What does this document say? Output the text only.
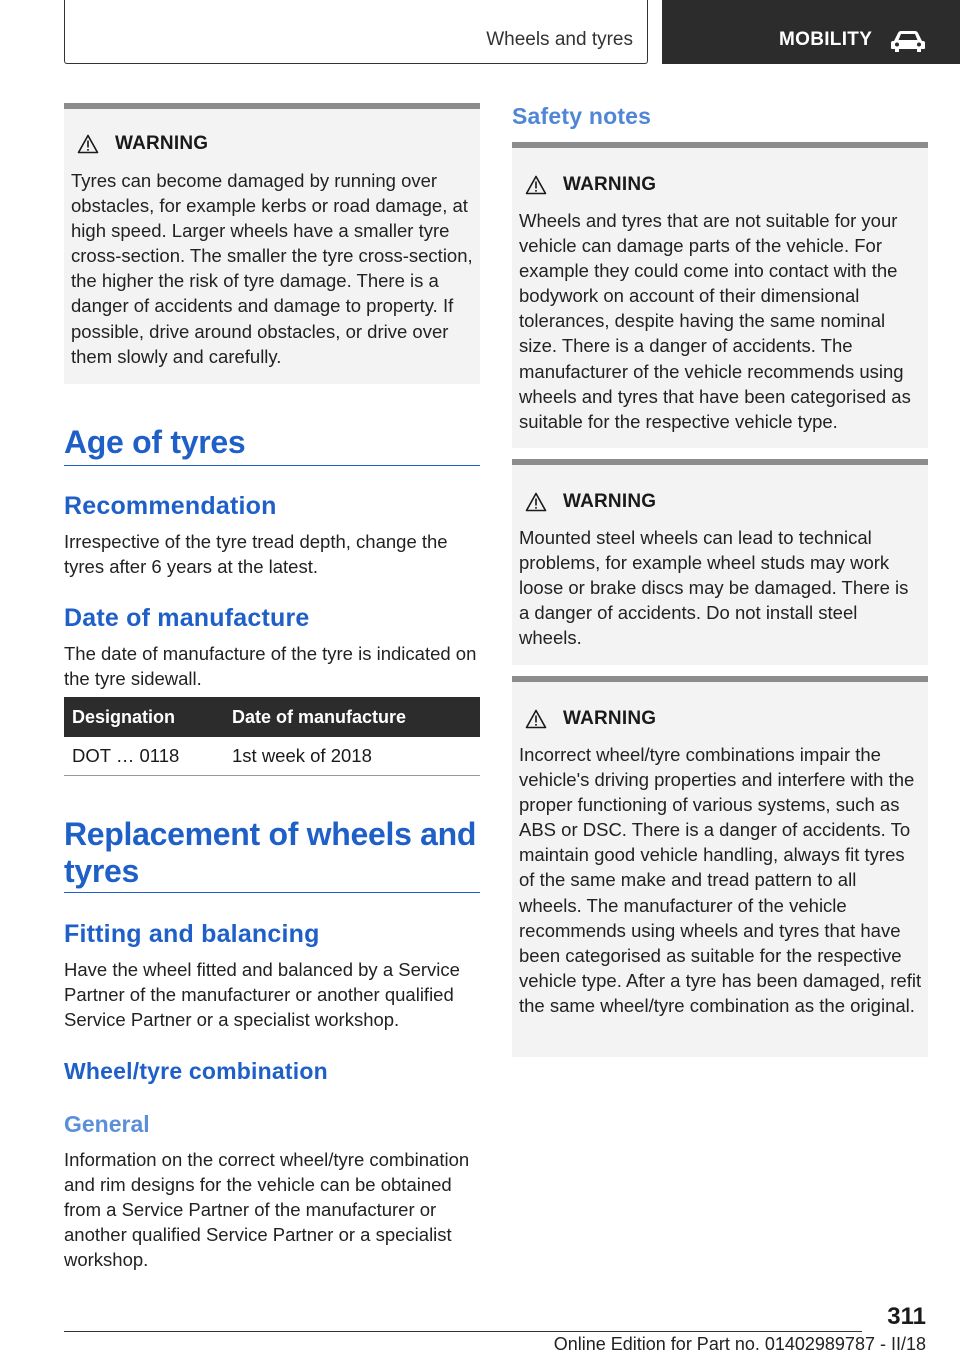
Wheels and tyres	MOBILITY
WARNING
Tyres can become damaged by running over obstacles, for example kerbs or road damage, at high speed. Larger wheels have a smaller tyre cross-section. The smaller the tyre cross-section, the higher the risk of tyre damage. There is a danger of accidents and damage to property. If possible, drive around obstacles, or drive over them slowly and carefully.
Age of tyres
Recommendation
Irrespective of the tyre tread depth, change the tyres after 6 years at the latest.
Date of manufacture
The date of manufacture of the tyre is indicated on the tyre sidewall.
Designation	Date of manufacture
DOT … 0118	1st week of 2018
Replacement of wheels and tyres
Fitting and balancing
Have the wheel fitted and balanced by a Service Partner of the manufacturer or another qualified Service Partner or a specialist workshop.
Wheel/tyre combination
General
Information on the correct wheel/tyre combination and rim designs for the vehicle can be obtained from a Service Partner of the manufacturer or another qualified Service Partner or a specialist workshop.
Safety notes
WARNING
Wheels and tyres that are not suitable for your vehicle can damage parts of the vehicle. For example they could come into contact with the bodywork on account of their dimensional tolerances, despite having the same nominal size. There is a danger of accidents. The manufacturer of the vehicle recommends using wheels and tyres that have been categorised as suitable for the respective vehicle type.
WARNING
Mounted steel wheels can lead to technical problems, for example wheel studs may work loose or brake discs may be damaged. There is a danger of accidents. Do not install steel wheels.
WARNING
Incorrect wheel/tyre combinations impair the vehicle's driving properties and interfere with the proper functioning of various systems, such as ABS or DSC. There is a danger of accidents. To maintain good vehicle handling, always fit tyres of the same make and tread pattern to all wheels. The manufacturer of the vehicle recommends using wheels and tyres that have been categorised as suitable for the respective vehicle type. After a tyre has been damaged, refit the same wheel/tyre combination as the original.
311
Online Edition for Part no. 01402989787 - II/18
